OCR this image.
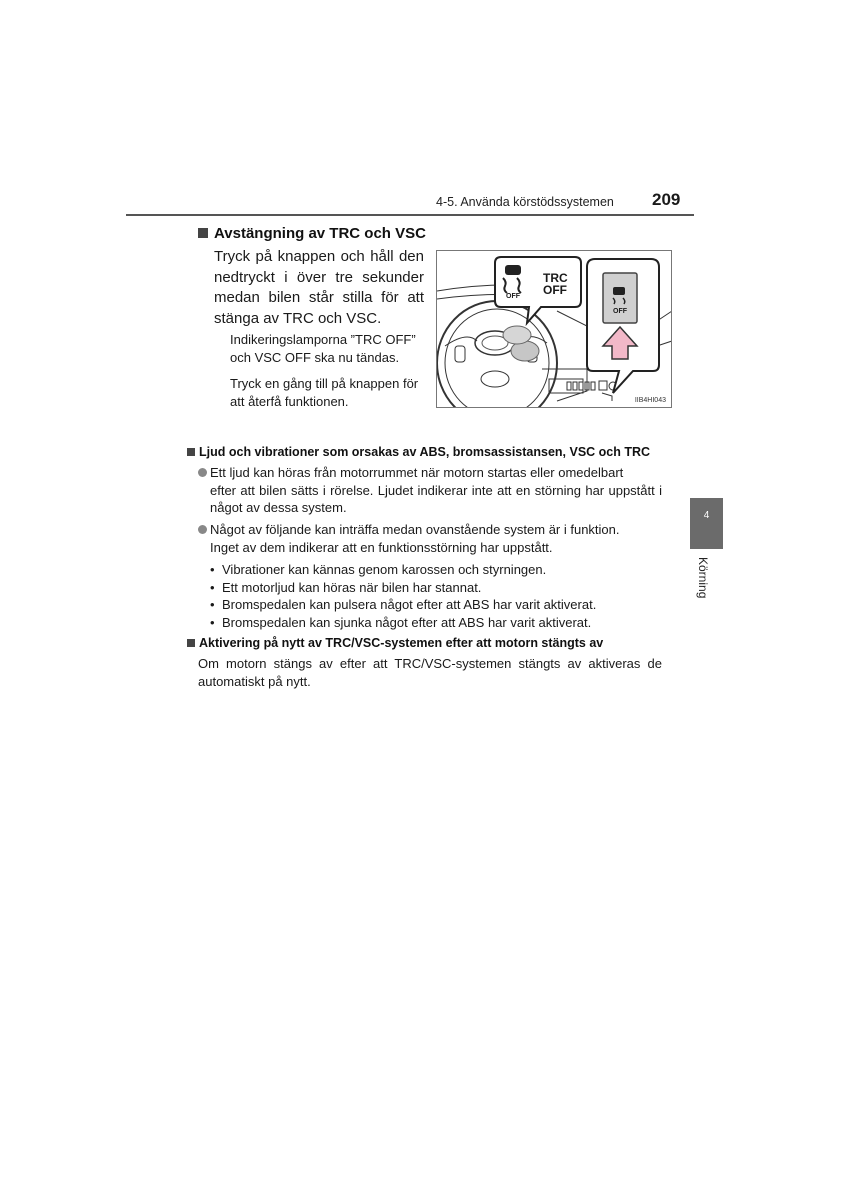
4-5. Använda körstödssystemen 209
Avstängning av TRC och VSC
Tryck på knappen och håll den nedtryckt i över tre sekunder medan bilen står stilla för att stänga av TRC och VSC.
Indikeringslamporna ”TRC OFF” och VSC OFF ska nu tändas.
Tryck en gång till på knappen för att återfå funktionen.
TRC
OFF
OFF
OFF
IIB4HI043
Ljud och vibrationer som orsakas av ABS, bromsassistansen, VSC och TRC
Ett ljud kan höras från motorrummet när motorn startas eller omedelbart
efter att bilen sätts i rörelse. Ljudet indikerar inte att en störning har uppstått i något av dessa system.
Något av följande kan inträffa medan ovanstående system är i funktion.
Inget av dem indikerar att en funktionsstörning har uppstått.
• Vibrationer kan kännas genom karossen och styrningen.
• Ett motorljud kan höras när bilen har stannat.
• Bromspedalen kan pulsera något efter att ABS har varit aktiverat.
• Bromspedalen kan sjunka något efter att ABS har varit aktiverat.
Aktivering på nytt av TRC/VSC-systemen efter att motorn stängts av
Om motorn stängs av efter att TRC/VSC-systemen stängts av aktiveras de automatiskt på nytt.
4
Körning
